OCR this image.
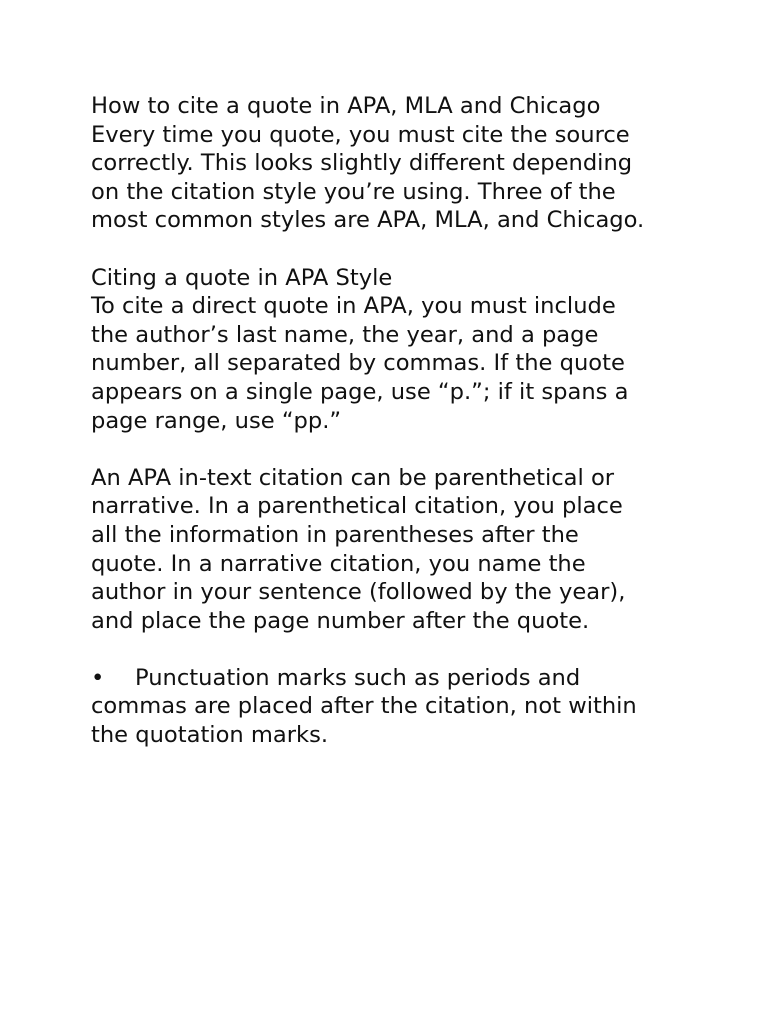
How to cite a quote in APA, MLA and Chicago
Every time you quote, you must cite the source
correctly. This looks slightly different depending
on the citation style you’re using. Three of the
most common styles are APA, MLA, and Chicago.
Citing a quote in APA Style
To cite a direct quote in APA, you must include
the author’s last name, the year, and a page
number, all separated by commas. If the quote
appears on a single page, use “p.”; if it spans a
page range, use “pp.”
An APA in-text citation can be parenthetical or
narrative. In a parenthetical citation, you place
all the information in parentheses after the
quote. In a narrative citation, you name the
author in your sentence (followed by the year),
and place the page number after the quote.
• Punctuation marks such as periods and
commas are placed after the citation, not within
the quotation marks.
